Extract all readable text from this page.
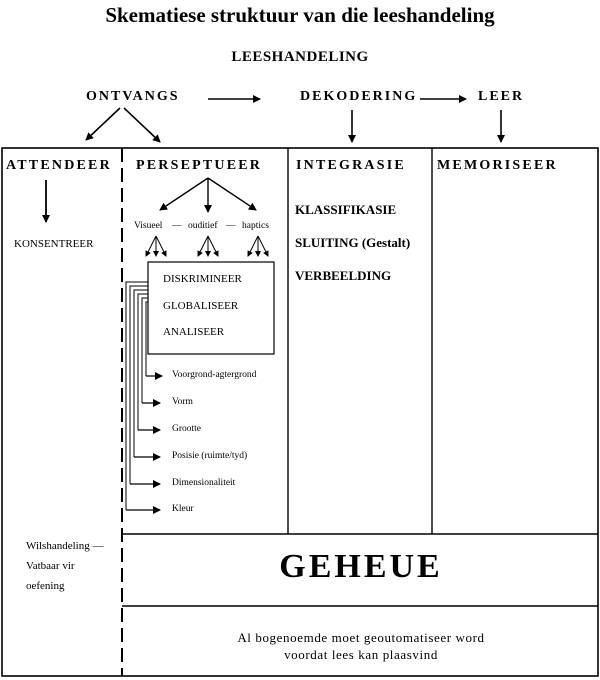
Skematiese struktuur van die leeshandeling
LEESHANDELING
ONTVANGS	DEKODERING	LEER
ATTENDEER PERSEPTUEER INTEGRASIE MEMORISEER
KONSENTREER
Visueel — ouditief — haptics
DISKRIMINEER
GLOBALISEER
ANALISEER
Voorgrond-agtergrond
Vorm
Grootte
Posisie (ruimte/tyd)
Dimensionaliteit
Kleur
KLASSIFIKASIE
SLUITING (Gestalt)
VERBEELDING
Wilshandeling —
Vatbaar vir
oefening
GEHEUE
Al bogenoemde moet geoutomatiseer word
voordat lees kan plaasvind
